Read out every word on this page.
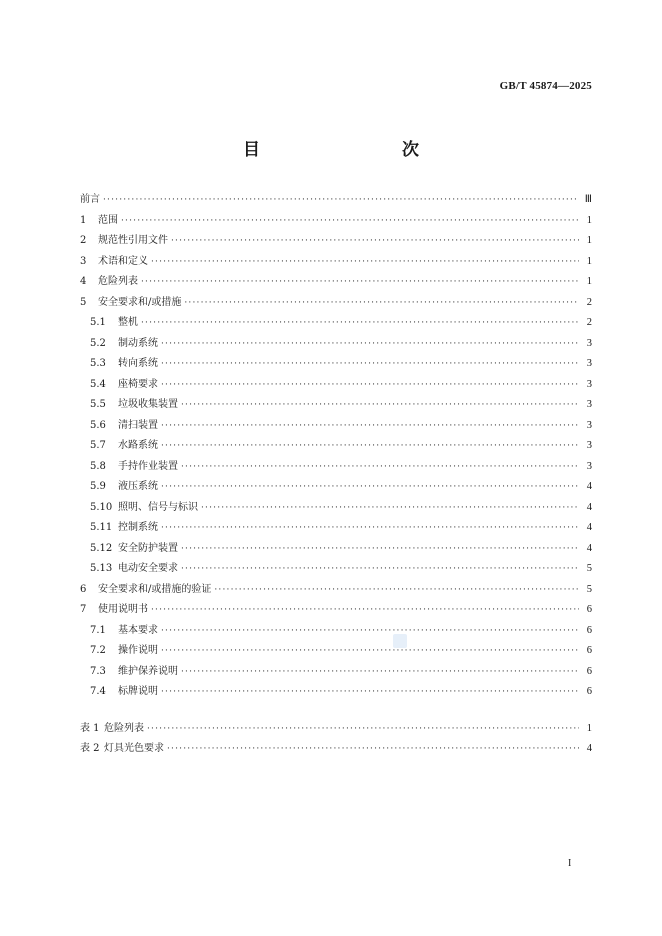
GB/T 45874—2025
目　　次
前言 ·····	Ⅲ
1	范围 ·····	1
2	规范性引用文件 ·····	1
3	术语和定义 ·····	1
4	危险列表 ·····	1
5	安全要求和/或措施 ·····	2
5.1	整机 ·····	2
5.2	制动系统 ·····	3
5.3	转向系统 ·····	3
5.4	座椅要求 ·····	3
5.5	垃圾收集装置 ·····	3
5.6	清扫装置 ·····	3
5.7	水路系统 ·····	3
5.8	手持作业装置 ·····	3
5.9	液压系统 ·····	4
5.10 照明、信号与标识 ·····	4
5.11 控制系统 ·····	4
5.12 安全防护装置 ·····	4
5.13 电动安全要求 ·····	5
6	安全要求和/或措施的验证 ·····	5
7	使用说明书 ·····	6
7.1	基本要求 ·····	6
7.2	操作说明 ·····	6
7.3	维护保养说明 ·····	6
7.4	标牌说明 ·····	6
表 1 危险列表 ·····	1
表 2 灯具光色要求 ·····	4
I
